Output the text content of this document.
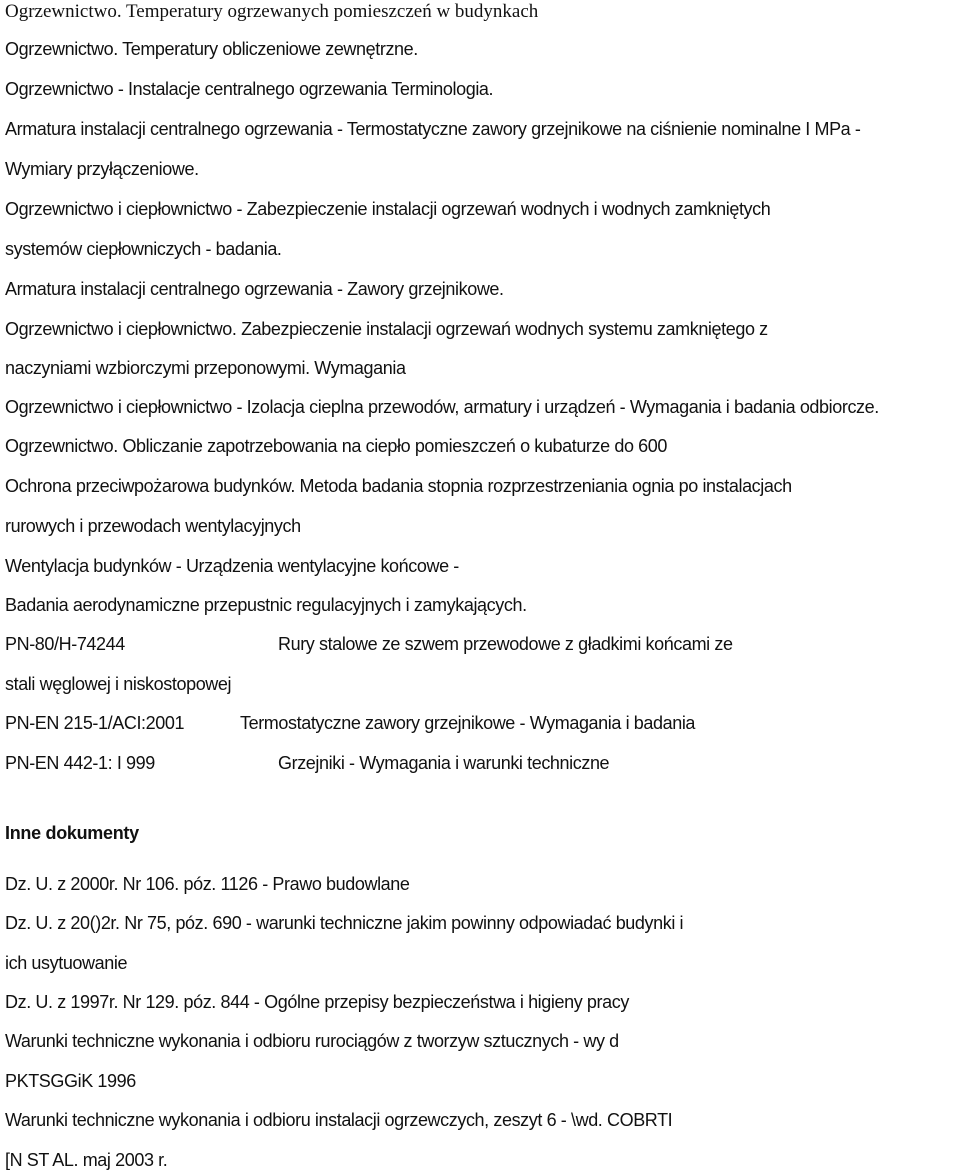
Ogrzewnictwo. Temperatury ogrzewanych pomieszczeń w budynkach
Ogrzewnictwo. Temperatury obliczeniowe zewnętrzne.
Ogrzewnictwo - Instalacje centralnego ogrzewania Terminologia.
Armatura instalacji centralnego ogrzewania - Termostatyczne zawory grzejnikowe na ciśnienie nominalne I MPa -
Wymiary przyłączeniowe.
Ogrzewnictwo i ciepłownictwo - Zabezpieczenie instalacji ogrzewań wodnych i wodnych zamkniętych
systemów ciepłowniczych - badania.
Armatura instalacji centralnego ogrzewania - Zawory grzejnikowe.
Ogrzewnictwo i ciepłownictwo. Zabezpieczenie instalacji ogrzewań wodnych systemu zamkniętego z
naczyniami wzbiorczymi przeponowymi. Wymagania
Ogrzewnictwo i ciepłownictwo - Izolacja cieplna przewodów, armatury i urządzeń - Wymagania i badania odbiorcze.
Ogrzewnictwo. Obliczanie zapotrzebowania na ciepło pomieszczeń o kubaturze do 600
Ochrona przeciwpożarowa budynków. Metoda badania stopnia rozprzestrzeniania ognia po instalacjach
rurowych i przewodach wentylacyjnych
Wentylacja budynków - Urządzenia wentylacyjne końcowe -
Badania aerodynamiczne przepustnic regulacyjnych i zamykających.
PN-80/H-74244	Rury stalowe ze szwem przewodowe z gładkimi końcami ze
stali węglowej i niskostopowej
PN-EN 215-1/ACI:2001	Termostatyczne zawory grzejnikowe - Wymagania i badania
PN-EN 442-1: I 999	Grzejniki - Wymagania i warunki techniczne
Inne dokumenty
Dz. U. z 2000r. Nr 106. póz. 1126 - Prawo budowlane
Dz. U. z 20()2r. Nr 75, póz. 690 - warunki techniczne jakim powinny odpowiadać budynki i
ich usytuowanie
Dz. U. z 1997r. Nr 129. póz. 844 - Ogólne przepisy bezpieczeństwa i higieny pracy
Warunki techniczne wykonania i odbioru rurociągów z tworzyw sztucznych - wy d
PKTSGGiK 1996
Warunki techniczne wykonania i odbioru instalacji ogrzewczych, zeszyt 6 - \wd. COBRTI
[N ST AL. maj 2003 r.
